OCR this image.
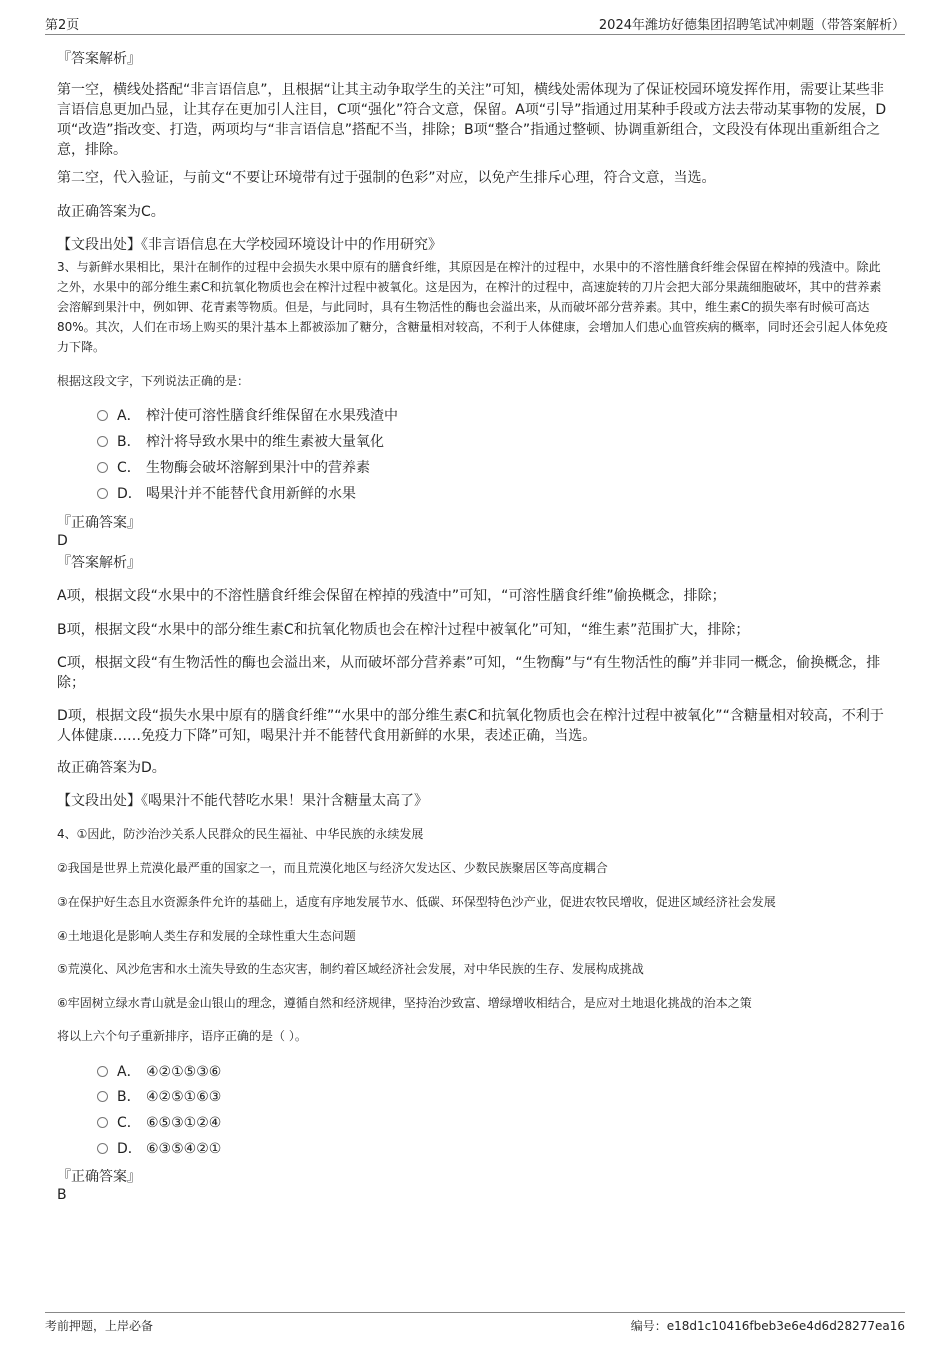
第2页	2024年潍坊好德集团招聘笔试冲刺题（带答案解析）
『答案解析』
第一空，横线处搭配“非言语信息”，且根据“让其主动争取学生的关注”可知，横线处需体现为了保证校园环境发挥作用，需要让某些非言语信息更加凸显，让其存在更加引人注目，C项“强化”符合文意，保留。A项“引导”指通过用某种手段或方法去带动某事物的发展，D项“改造”指改变、打造，两项均与“非言语信息”搭配不当，排除；B项“整合”指通过整顿、协调重新组合，文段没有体现出重新组合之意，排除。
第二空，代入验证，与前文“不要让环境带有过于强制的色彩”对应，以免产生排斥心理，符合文意，当选。
故正确答案为C。
【文段出处】《非言语信息在大学校园环境设计中的作用研究》
3、与新鲜水果相比，果汁在制作的过程中会损失水果中原有的膳食纤维，其原因是在榨汁的过程中，水果中的不溶性膳食纤维会保留在榨掉的残渣中。除此之外，水果中的部分维生素C和抗氧化物质也会在榨汁过程中被氧化。这是因为，在榨汁的过程中，高速旋转的刀片会把大部分果蔬细胞破坏，其中的营养素会溶解到果汁中，例如钾、花青素等物质。但是，与此同时，具有生物活性的酶也会溢出来，从而破坏部分营养素。其中，维生素C的损失率有时候可高达80%。其次，人们在市场上购买的果汁基本上都被添加了糖分，含糖量相对较高，不利于人体健康，会增加人们患心血管疾病的概率，同时还会引起人体免疫力下降。
根据这段文字，下列说法正确的是：
A． 榨汁使可溶性膳食纤维保留在水果残渣中
B． 榨汁将导致水果中的维生素被大量氧化
C． 生物酶会破坏溶解到果汁中的营养素
D． 喝果汁并不能替代食用新鲜的水果
『正确答案』
D
『答案解析』
A项，根据文段“水果中的不溶性膳食纤维会保留在榨掉的残渣中”可知，“可溶性膳食纤维”偷换概念，排除；
B项，根据文段“水果中的部分维生素C和抗氧化物质也会在榨汁过程中被氧化”可知，“维生素”范围扩大，排除；
C项，根据文段“有生物活性的酶也会溢出来，从而破坏部分营养素”可知，“生物酶”与“有生物活性的酶”并非同一概念，偷换概念，排除；
D项，根据文段“损失水果中原有的膳食纤维”“水果中的部分维生素C和抗氧化物质也会在榨汁过程中被氧化”“含糖量相对较高，不利于人体健康……免疫力下降”可知，喝果汁并不能替代食用新鲜的水果，表述正确，当选。
故正确答案为D。
【文段出处】《喝果汁不能代替吃水果！果汁含糖量太高了》
4、①因此，防沙治沙关系人民群众的民生福祉、中华民族的永续发展
②我国是世界上荒漠化最严重的国家之一，而且荒漠化地区与经济欠发达区、少数民族聚居区等高度耦合
③在保护好生态且水资源条件允许的基础上，适度有序地发展节水、低碳、环保型特色沙产业，促进农牧民增收，促进区域经济社会发展
④土地退化是影响人类生存和发展的全球性重大生态问题
⑤荒漠化、风沙危害和水土流失导致的生态灾害，制约着区域经济社会发展，对中华民族的生存、发展构成挑战
⑥牢固树立绿水青山就是金山银山的理念，遵循自然和经济规律，坚持治沙致富、增绿增收相结合，是应对土地退化挑战的治本之策
将以上六个句子重新排序，语序正确的是（ ）。
A． ④②①⑤③⑥
B． ④②⑤①⑥③
C． ⑥⑤③①②④
D． ⑥③⑤④②①
『正确答案』
B
考前押题，上岸必备	编号：e18d1c10416fbeb3e6e4d6d28277ea16
